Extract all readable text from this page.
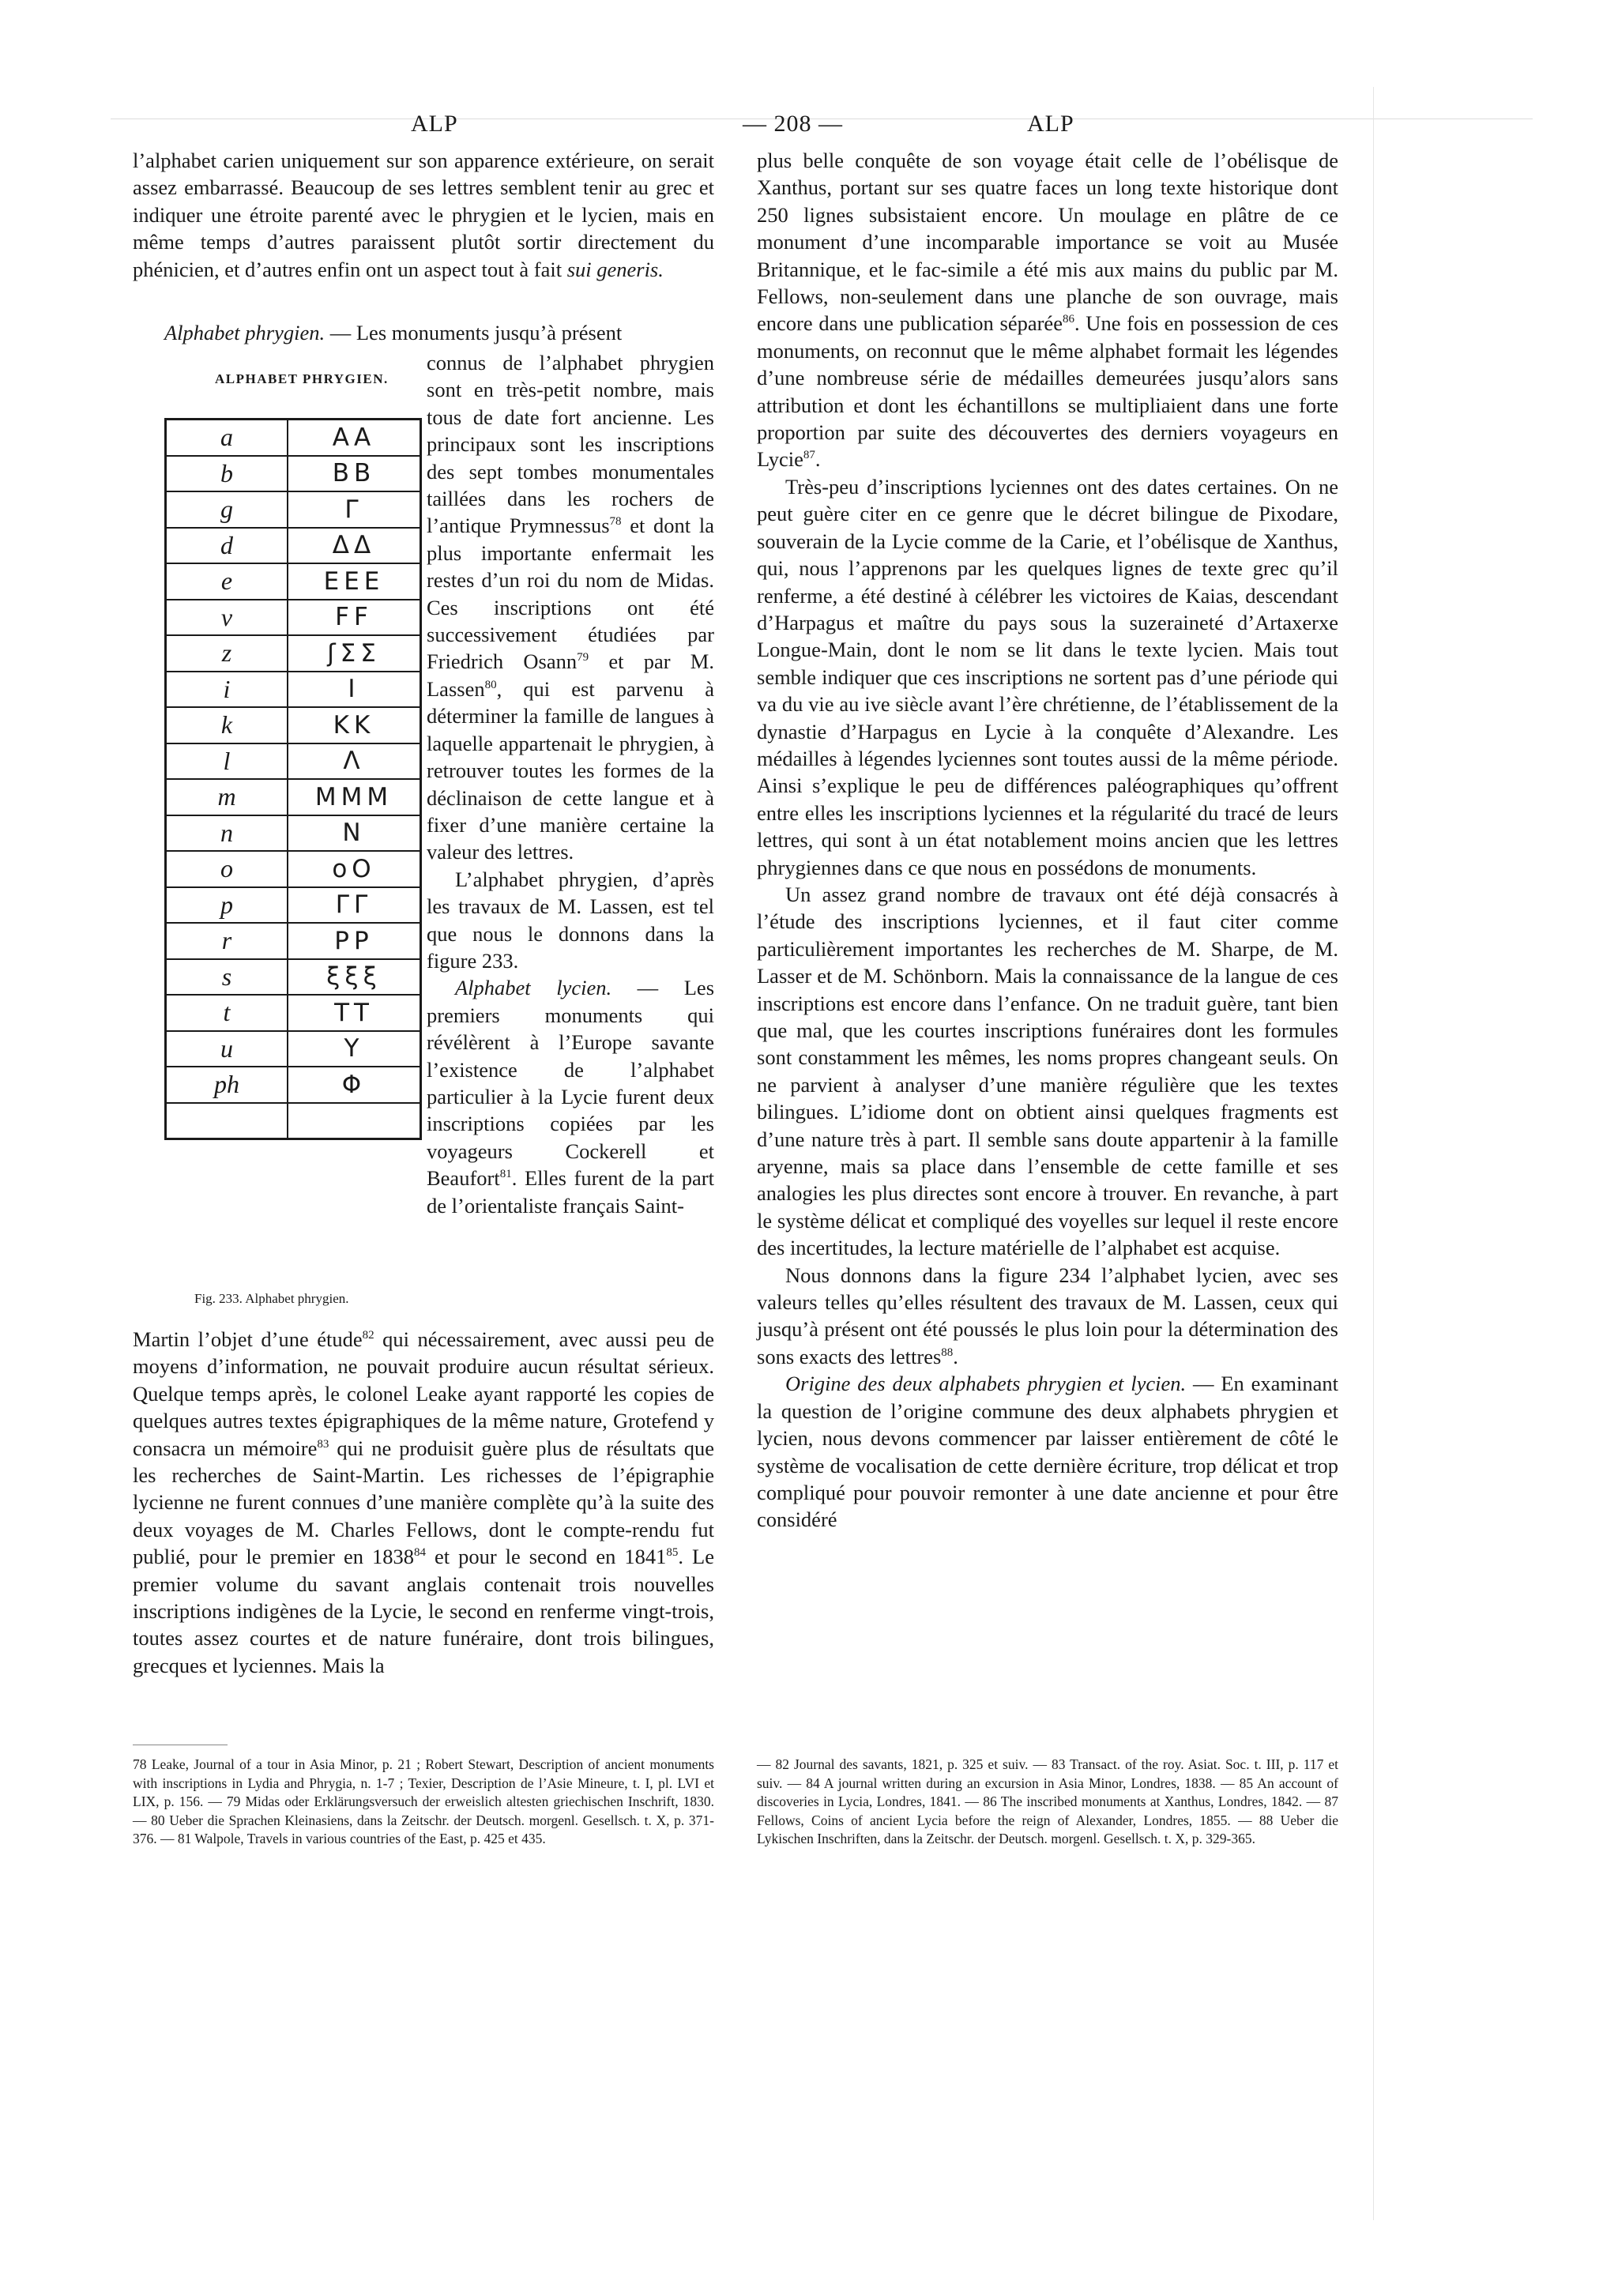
ALP	— 208 —	ALP

l’alphabet carien uniquement sur son apparence extérieure, on serait assez embarrassé. Beaucoup de ses lettres semblent tenir au grec et indiquer une étroite parenté avec le phrygien et le lycien, mais en même temps d’autres paraissent plutôt sortir directement du phénicien, et d’autres enfin ont un aspect tout à fait sui generis.

Alphabet phrygien. — Les monuments jusqu’à présent

ALPHABET PHRYGIEN.
a	ΑΑ
b	ΒΒ
g	Γ
d	ΔΔ
e	ΕΕΕ
v	FF
z	ʃΣΣ
i	Ι
k	ΚΚ
l	Λ
m	ΜΜΜ
n	Ν
o	οΟ
p	ΓΓ
r	ΡΡ
s	ξξξ
t	ΤΤ
u	Υ
ph	Φ

Fig. 233. Alphabet phrygien.

connus de l’alphabet phrygien sont en très-petit nombre, mais tous de date fort ancienne. Les principaux sont les inscriptions des sept tombes monumentales taillées dans les rochers de l’antique Prymnessus$^{78}$ et dont la plus importante enfermait les restes d’un roi du nom de Midas. Ces inscriptions ont été successivement étudiées par Friedrich Osann$^{79}$ et par M. Lassen$^{80}$, qui est parvenu à déterminer la famille de langues à laquelle appartenait le phrygien, à retrouver toutes les formes de la déclinaison de cette langue et à fixer d’une manière certaine la valeur des lettres.

L’alphabet phrygien, d’après les travaux de M. Lassen, est tel que nous le donnons dans la figure 233.

Alphabet lycien. — Les premiers monuments qui révélèrent à l’Europe savante l’existence de l’alphabet particulier à la Lycie furent deux inscriptions copiées par les voyageurs Cockerell et Beaufort$^{81}$. Elles furent de la part de l’orientaliste français Saint-

Martin l’objet d’une étude$^{82}$ qui nécessairement, avec aussi peu de moyens d’information, ne pouvait produire aucun résultat sérieux. Quelque temps après, le colonel Leake ayant rapporté les copies de quelques autres textes épigraphiques de la même nature, Grotefend y consacra un mémoire$^{83}$ qui ne produisit guère plus de résultats que les recherches de Saint-Martin. Les richesses de l’épigraphie lycienne ne furent connues d’une manière complète qu’à la suite des deux voyages de M. Charles Fellows, dont le compte-rendu fut publié, pour le premier en 1838$^{84}$ et pour le second en 1841$^{85}$. Le premier volume du savant anglais contenait trois nouvelles inscriptions indigènes de la Lycie, le second en renferme vingt-trois, toutes assez courtes et de nature funéraire, dont trois bilingues, grecques et lyciennes. Mais la

plus belle conquête de son voyage était celle de l’obélisque de Xanthus, portant sur ses quatre faces un long texte historique dont 250 lignes subsistaient encore. Un moulage en plâtre de ce monument d’une incomparable importance se voit au Musée Britannique, et le fac-simile a été mis aux mains du public par M. Fellows, non-seulement dans une planche de son ouvrage, mais encore dans une publication séparée$^{86}$. Une fois en possession de ces monuments, on reconnut que le même alphabet formait les légendes d’une nombreuse série de médailles demeurées jusqu’alors sans attribution et dont les échantillons se multipliaient dans une forte proportion par suite des découvertes des derniers voyageurs en Lycie$^{87}$.

Très-peu d’inscriptions lyciennes ont des dates certaines. On ne peut guère citer en ce genre que le décret bilingue de Pixodare, souverain de la Lycie comme de la Carie, et l’obélisque de Xanthus, qui, nous l’apprenons par les quelques lignes de texte grec qu’il renferme, a été destiné à célébrer les victoires de Kaias, descendant d’Harpagus et maître du pays sous la suzeraineté d’Artaxerxe Longue-Main, dont le nom se lit dans le texte lycien. Mais tout semble indiquer que ces inscriptions ne sortent pas d’une période qui va du vie au ive siècle avant l’ère chrétienne, de l’établissement de la dynastie d’Harpagus en Lycie à la conquête d’Alexandre. Les médailles à légendes lyciennes sont toutes aussi de la même période. Ainsi s’explique le peu de différences paléographiques qu’offrent entre elles les inscriptions lyciennes et la régularité du tracé de leurs lettres, qui sont à un état notablement moins ancien que les lettres phrygiennes dans ce que nous en possédons de monuments.

Un assez grand nombre de travaux ont été déjà consacrés à l’étude des inscriptions lyciennes, et il faut citer comme particulièrement importantes les recherches de M. Sharpe, de M. Lasser et de M. Schönborn. Mais la connaissance de la langue de ces inscriptions est encore dans l’enfance. On ne traduit guère, tant bien que mal, que les courtes inscriptions funéraires dont les formules sont constamment les mêmes, les noms propres changeant seuls. On ne parvient à analyser d’une manière régulière que les textes bilingues. L’idiome dont on obtient ainsi quelques fragments est d’une nature très à part. Il semble sans doute appartenir à la famille aryenne, mais sa place dans l’ensemble de cette famille et ses analogies les plus directes sont encore à trouver. En revanche, à part le système délicat et compliqué des voyelles sur lequel il reste encore des incertitudes, la lecture matérielle de l’alphabet est acquise.

Nous donnons dans la figure 234 l’alphabet lycien, avec ses valeurs telles qu’elles résultent des travaux de M. Lassen, ceux qui jusqu’à présent ont été poussés le plus loin pour la détermination des sons exacts des lettres$^{88}$.

Origine des deux alphabets phrygien et lycien. — En examinant la question de l’origine commune des deux alphabets phrygien et lycien, nous devons commencer par laisser entièrement de côté le système de vocalisation de cette dernière écriture, trop délicat et trop compliqué pour pouvoir remonter à une date ancienne et pour être considéré

78 Leake, Journal of a tour in Asia Minor, p. 21 ; Robert Stewart, Description of ancient monuments with inscriptions in Lydia and Phrygia, n. 1-7 ; Texier, Description de l’Asie Mineure, t. I, pl. LVI et LIX, p. 156. — 79 Midas oder Erklärungsversuch der erweislich altesten griechischen Inschrift, 1830. — 80 Ueber die Sprachen Kleinasiens, dans la Zeitschr. der Deutsch. morgenl. Gesellsch. t. X, p. 371-376. — 81 Walpole, Travels in various countries of the East, p. 425 et 435.
— 82 Journal des savants, 1821, p. 325 et suiv. — 83 Transact. of the roy. Asiat. Soc. t. III, p. 117 et suiv. — 84 A journal written during an excursion in Asia Minor, Londres, 1838. — 85 An account of discoveries in Lycia, Londres, 1841. — 86 The inscribed monuments at Xanthus, Londres, 1842. — 87 Fellows, Coins of ancient Lycia before the reign of Alexander, Londres, 1855. — 88 Ueber die Lykischen Inschriften, dans la Zeitschr. der Deutsch. morgenl. Gesellsch. t. X, p. 329-365.
